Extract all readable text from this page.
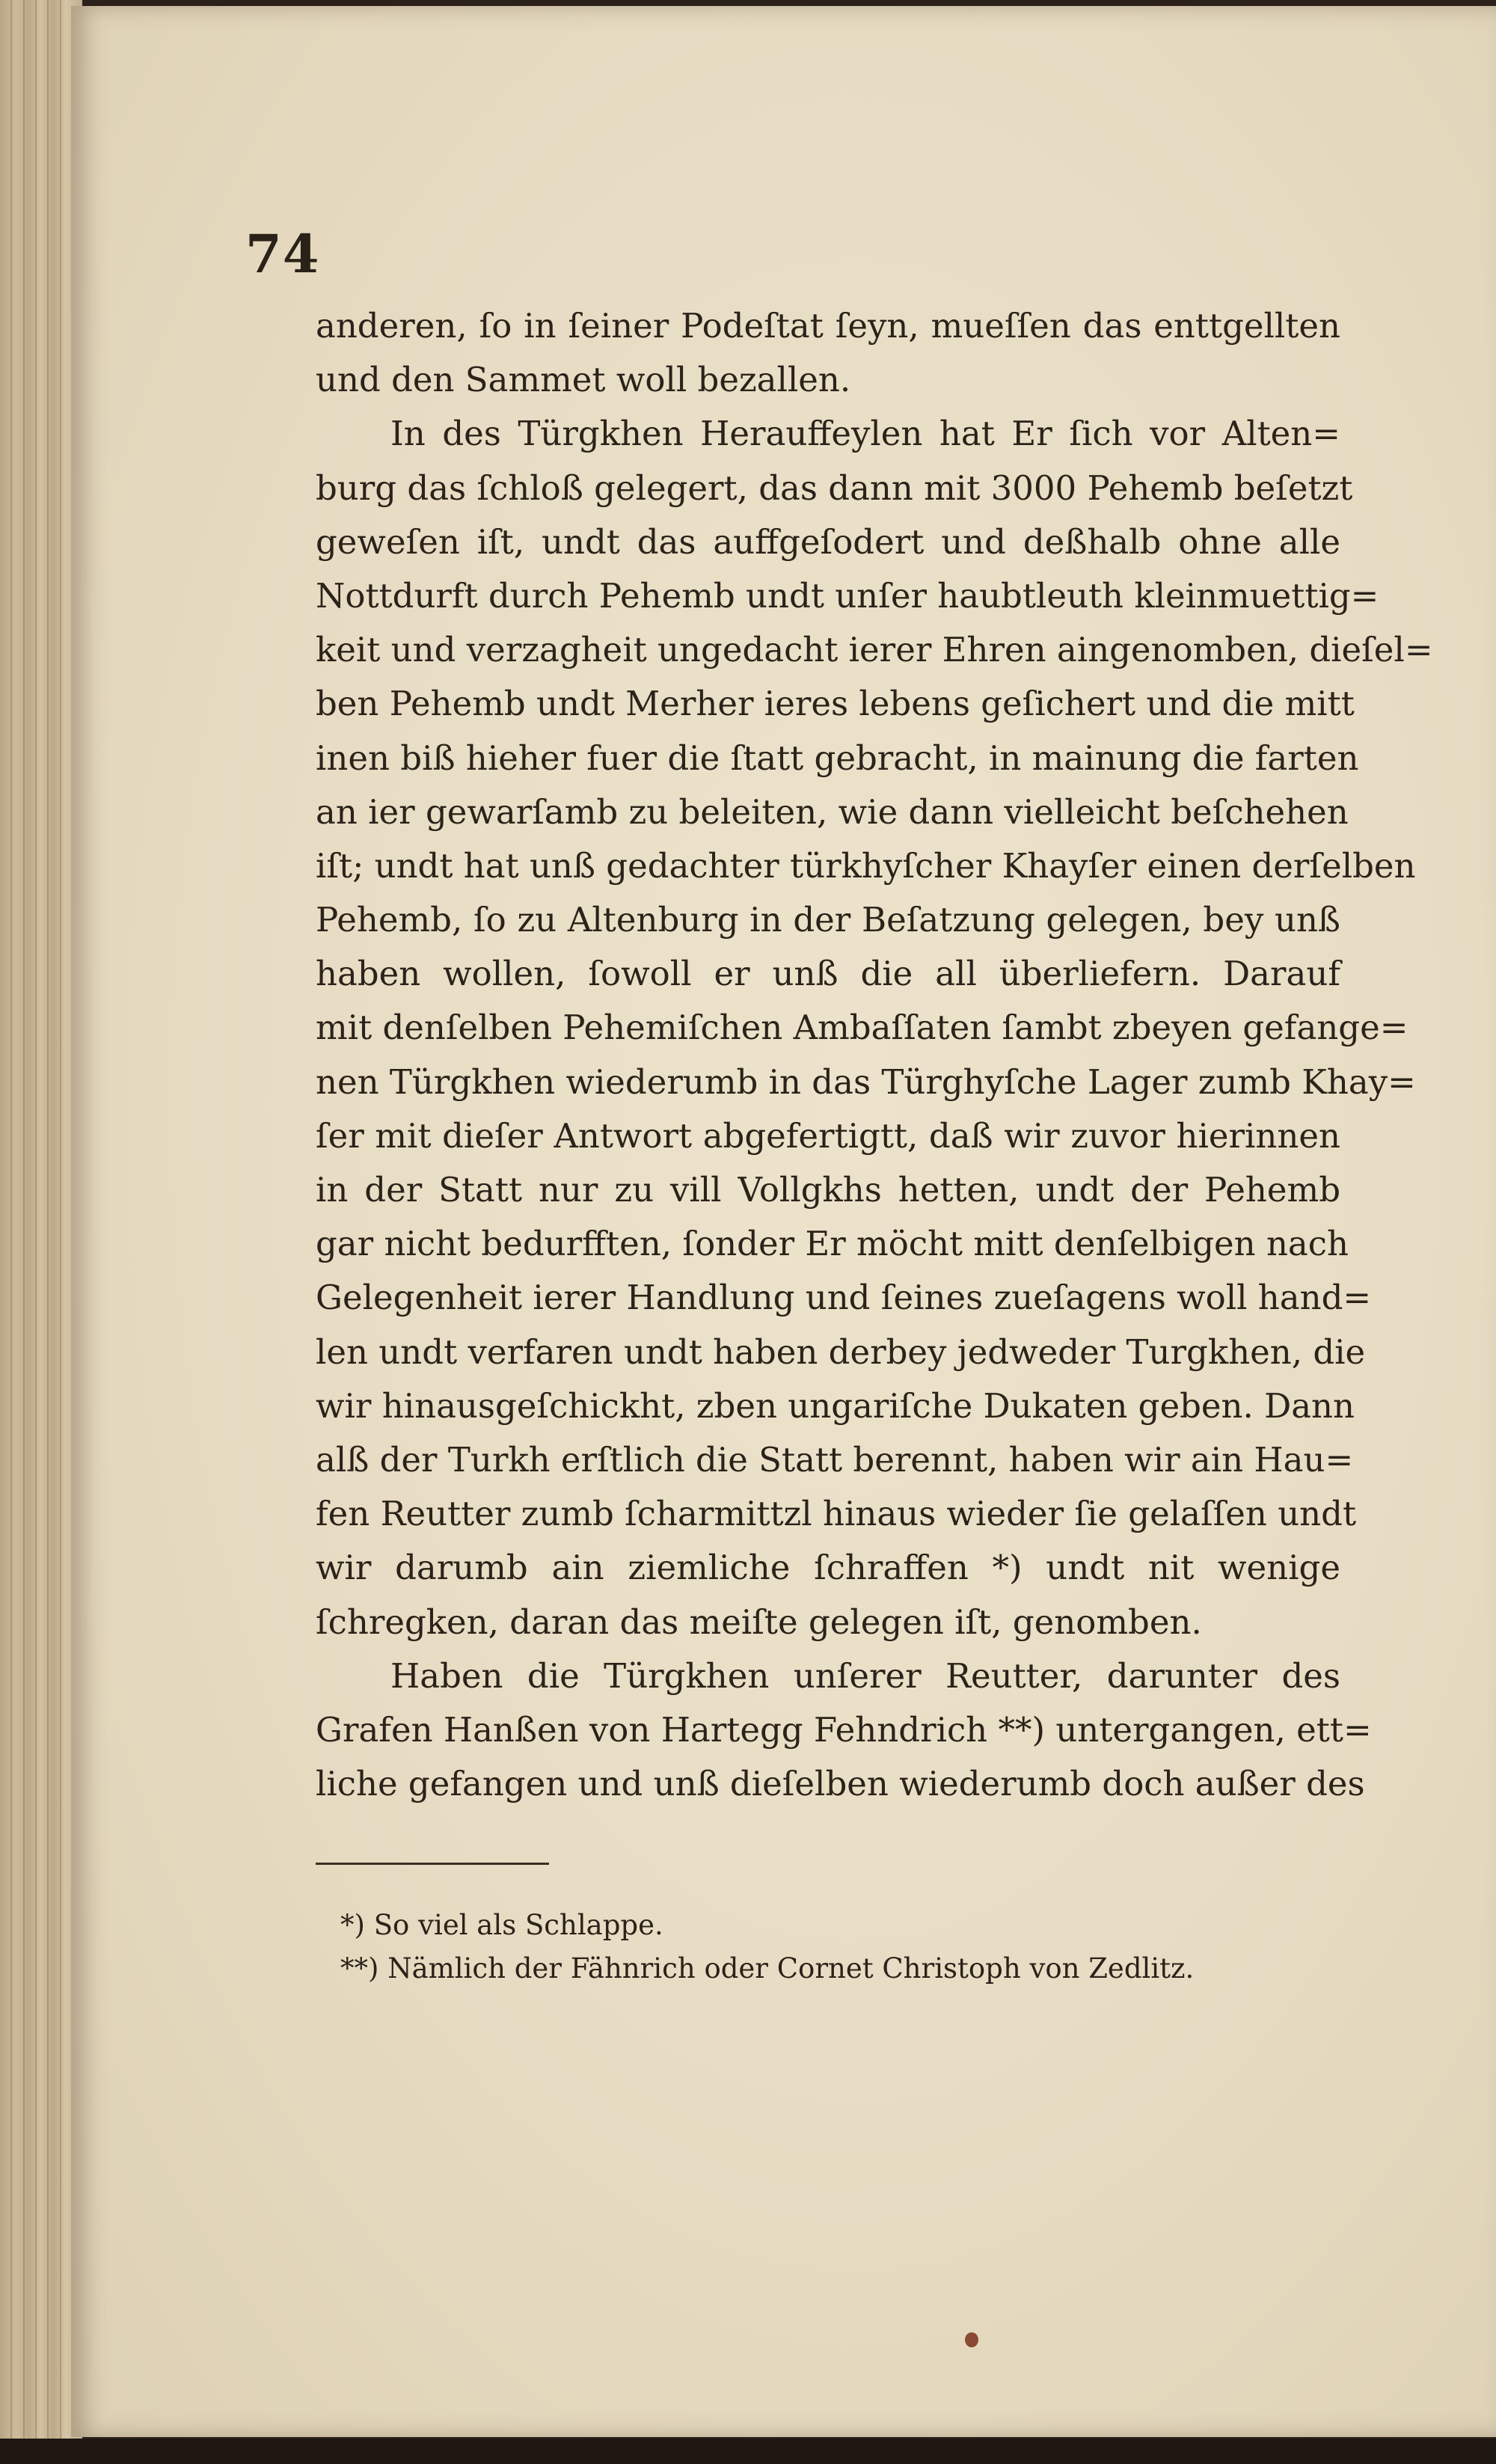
74
anderen, ſo in ſeiner Podeſtat ſeyn, mueſſen das enttgellten
und den Sammet woll bezallen.
In des Türgkhen Herauffeylen hat Er ſich vor Alten=
burg das ſchloß gelegert, das dann mit 3000 Pehemb beſetzt
geweſen iſt, undt das auffgeſodert und deßhalb ohne alle
Nottdurft durch Pehemb undt unſer haubtleuth kleinmuettig=
keit und verzagheit ungedacht ierer Ehren aingenomben, dieſel=
ben Pehemb undt Merher ieres lebens geſichert und die mitt
inen biß hieher fuer die ſtatt gebracht, in mainung die farten
an ier gewarſamb zu beleiten, wie dann vielleicht beſchehen
iſt; undt hat unß gedachter türkhyſcher Khayſer einen derſelben
Pehemb, ſo zu Altenburg in der Beſatzung gelegen, bey unß
haben wollen, ſowoll er unß die all überliefern. Darauf
mit denſelben Pehemiſchen Ambaſſaten ſambt zbeyen gefange=
nen Türgkhen wiederumb in das Türghyſche Lager zumb Khay=
ſer mit dieſer Antwort abgefertigtt, daß wir zuvor hierinnen
in der Statt nur zu vill Vollgkhs hetten, undt der Pehemb
gar nicht bedurfften, ſonder Er möcht mitt denſelbigen nach
Gelegenheit ierer Handlung und ſeines zueſagens woll hand=
len undt verfaren undt haben derbey jedweder Turgkhen, die
wir hinausgeſchickht, zben ungariſche Dukaten geben. Dann
alß der Turkh erſtlich die Statt berennt, haben wir ain Hau=
fen Reutter zumb ſcharmittzl hinaus wieder ſie gelaſſen undt
wir darumb ain ziemliche ſchraffen *) undt nit wenige
ſchregken, daran das meiſte gelegen iſt, genomben.
Haben die Türgkhen unſerer Reutter, darunter des
Grafen Hanßen von Hartegg Fehndrich **) untergangen, ett=
liche gefangen und unß dieſelben wiederumb doch außer des
*) So viel als Schlappe.
**) Nämlich der Fähnrich oder Cornet Christoph von Zedlitz.
